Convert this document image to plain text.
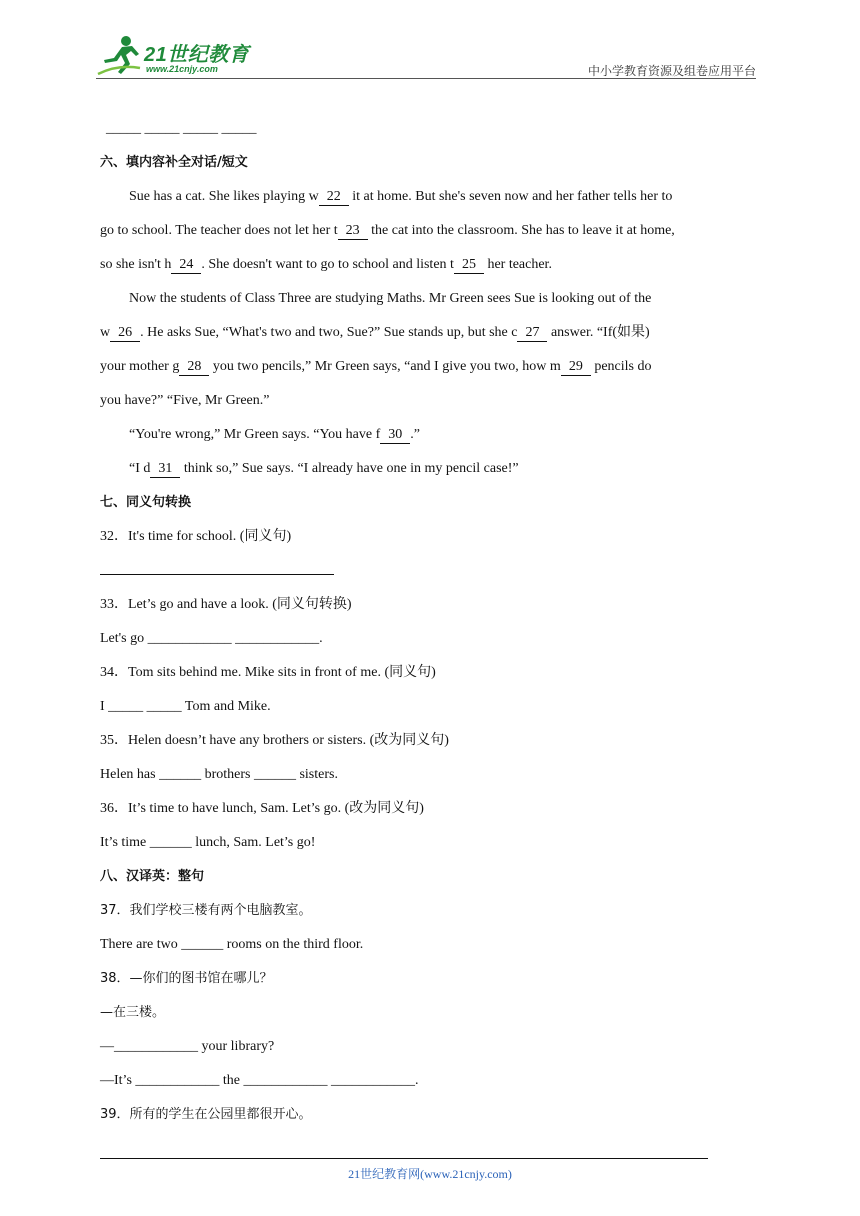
21世纪教育
www.21cnjy.com	中小学教育资源及组卷应用平台
_____ _____ _____ _____
六、填内容补全对话/短文
Sue has a cat. She likes playing w 22 it at home. But she's seven now and her father tells her to
go to school. The teacher does not let her t 23 the cat into the classroom. She has to leave it at home,
so she isn't h 24 . She doesn't want to go to school and listen t 25 her teacher.
Now the students of Class Three are studying Maths. Mr Green sees Sue is looking out of the
w 26 . He asks Sue, “What's two and two, Sue?” Sue stands up, but she c 27 answer. “If(如果)
your mother g 28 you two pencils,” Mr Green says, “and I give you two, how m 29 pencils do
you have?” “Five, Mr Green.”
“You're wrong,” Mr Green says. “You have f 30 .”
“I d 31 think so,” Sue says. “I already have one in my pencil case!”
七、同义句转换
32．It's time for school. (同义句)
33．Let’s go and have a look. (同义句转换)
Let's go ____________ ____________.
34．Tom sits behind me. Mike sits in front of me. (同义句)
I _____ _____ Tom and Mike.
35．Helen doesn’t have any brothers or sisters. (改为同义句)
Helen has ______ brothers ______ sisters.
36．It’s time to have lunch, Sam. Let’s go. (改为同义句)
It’s time ______ lunch, Sam. Let’s go!
八、汉译英：整句
37．我们学校三楼有两个电脑教室。
There are two ______ rooms on the third floor.
38．—你们的图书馆在哪儿？
—在三楼。
—____________ your library?
—It’s ____________ the ____________ ____________.
39．所有的学生在公园里都很开心。
21世纪教育网(www.21cnjy.com)
